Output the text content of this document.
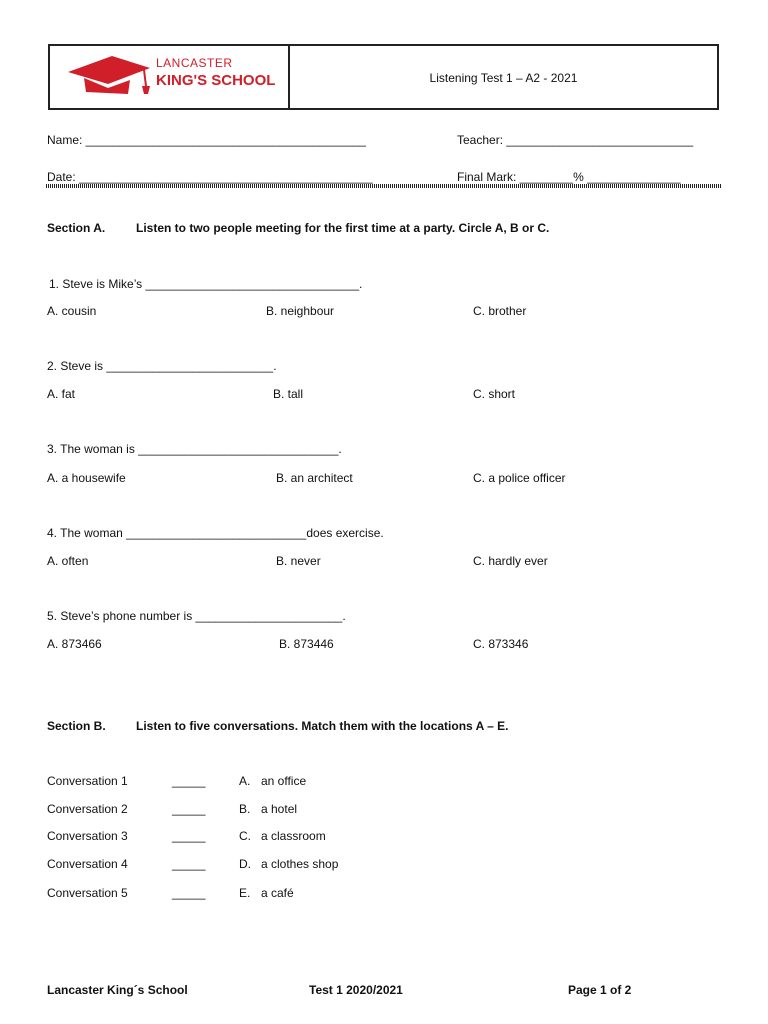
LANCASTER
KING'S SCHOOL	Listening Test 1 – A2 - 2021
Name: __________________________________________	Teacher: ____________________________
Date: ____________________________________________	Final Mark: ________% ______________
Section A.	Listen to two people meeting for the first time at a party. Circle A, B or C.
1. Steve is Mike’s ________________________________.
A. cousin	B. neighbour	C. brother
2. Steve is _________________________.
A. fat	B. tall	C. short
3. The woman is ______________________________.
A. a housewife	B. an architect	C. a police officer
4. The woman ___________________________does exercise.
A. often	B. never	C. hardly ever
5. Steve’s phone number is ______________________.
A. 873466	B. 873446	C. 873346
Section B.	Listen to five conversations. Match them with the locations A – E.
Conversation 1	_____	A. an office
Conversation 2	_____	B. a hotel
Conversation 3	_____	C. a classroom
Conversation 4	_____	D. a clothes shop
Conversation 5	_____	E. a café
Lancaster King´s School	Test 1 2020/2021	Page 1 of 2
